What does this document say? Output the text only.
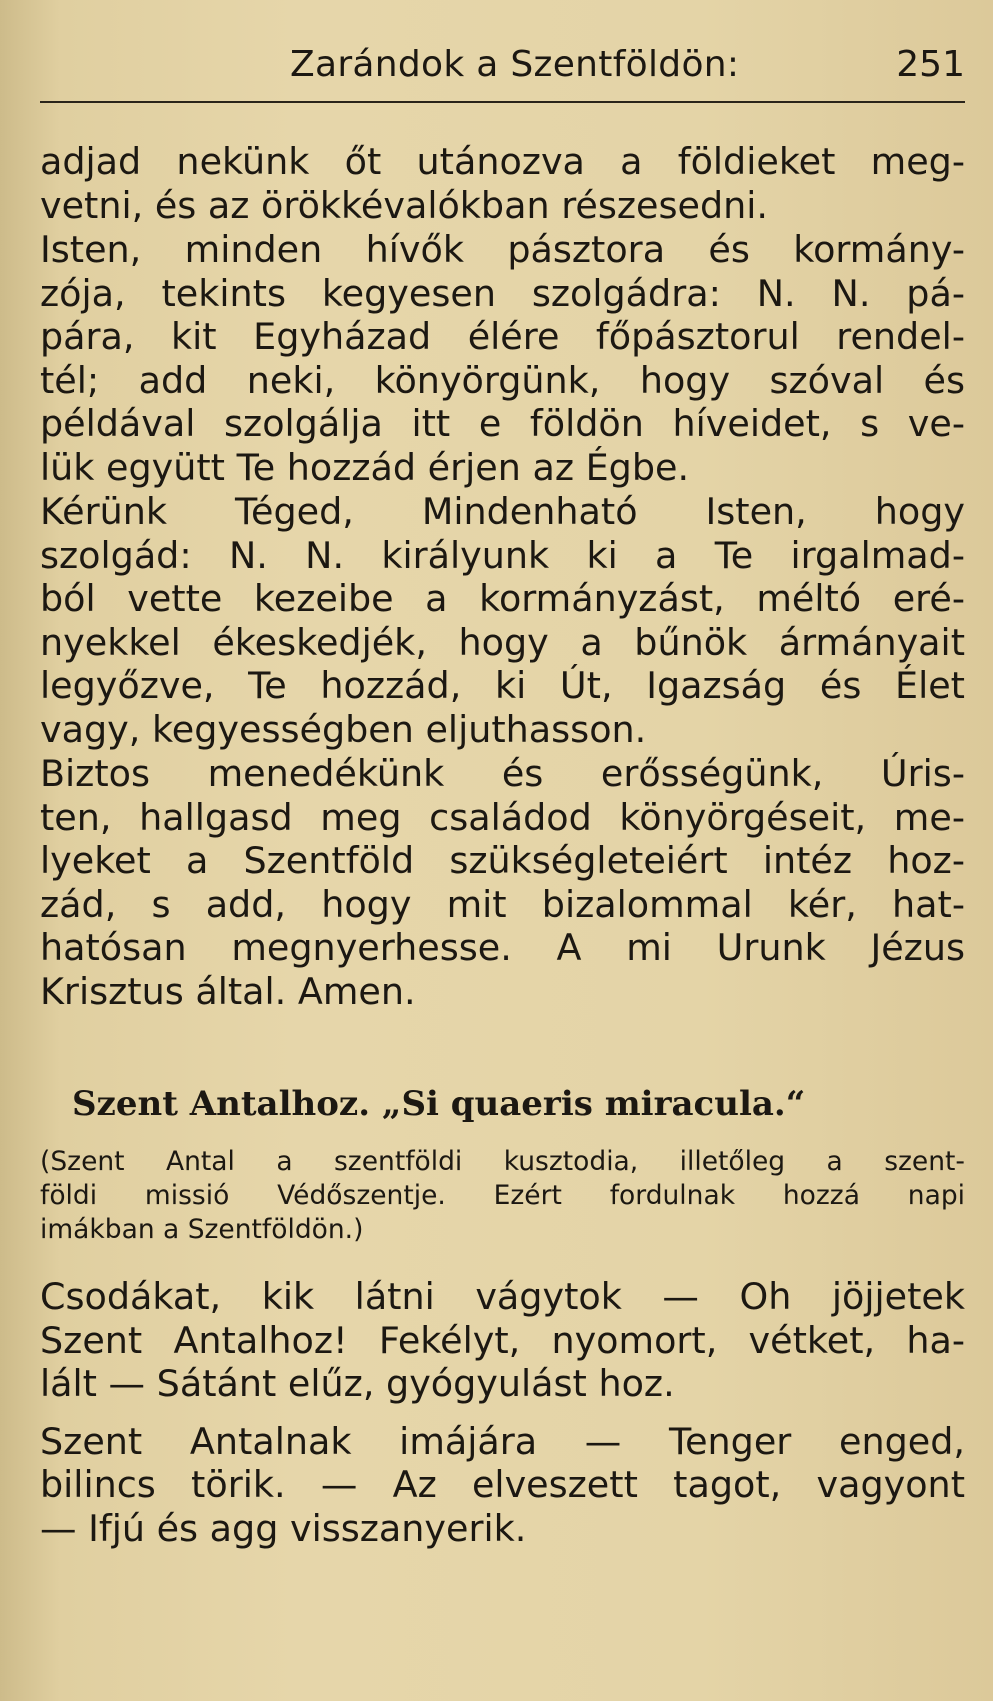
Zarándok a Szentföldön:	251

adjad nekünk őt utánozva a földieket meg-
vetni, és az örökkévalókban részesedni.

Isten, minden hívők pásztora és kormány-
zója, tekints kegyesen szolgádra: N. N. pá-
pára, kit Egyházad élére főpásztorul rendel-
tél; add neki, könyörgünk, hogy szóval és
példával szolgálja itt e földön híveidet, s ve-
lük együtt Te hozzád érjen az Égbe.

Kérünk Téged, Mindenható Isten, hogy
szolgád: N. N. királyunk ki a Te irgalmad-
ból vette kezeibe a kormányzást, méltó eré-
nyekkel ékeskedjék, hogy a bűnök ármányait
legyőzve, Te hozzád, ki Út, Igazság és Élet
vagy, kegyességben eljuthasson.

Biztos menedékünk és erősségünk, Úris-
ten, hallgasd meg családod könyörgéseit, me-
lyeket a Szentföld szükségleteiért intéz hoz-
zád, s add, hogy mit bizalommal kér, hat-
hatósan megnyerhesse. A mi Urunk Jézus
Krisztus által. Amen.

Szent Antalhoz. „Si quaeris miracula.“
(Szent Antal a szentföldi kusztodia, illetőleg a szent-
földi missió Védőszentje. Ezért fordulnak hozzá napi
imákban a Szentföldön.)

Csodákat, kik látni vágytok — Oh jöjjetek
Szent Antalhoz! Fekélyt, nyomort, vétket, ha-
lált — Sátánt elűz, gyógyulást hoz.

Szent Antalnak imájára — Tenger enged,
bilincs törik. — Az elveszett tagot, vagyont
— Ifjú és agg visszanyerik.
